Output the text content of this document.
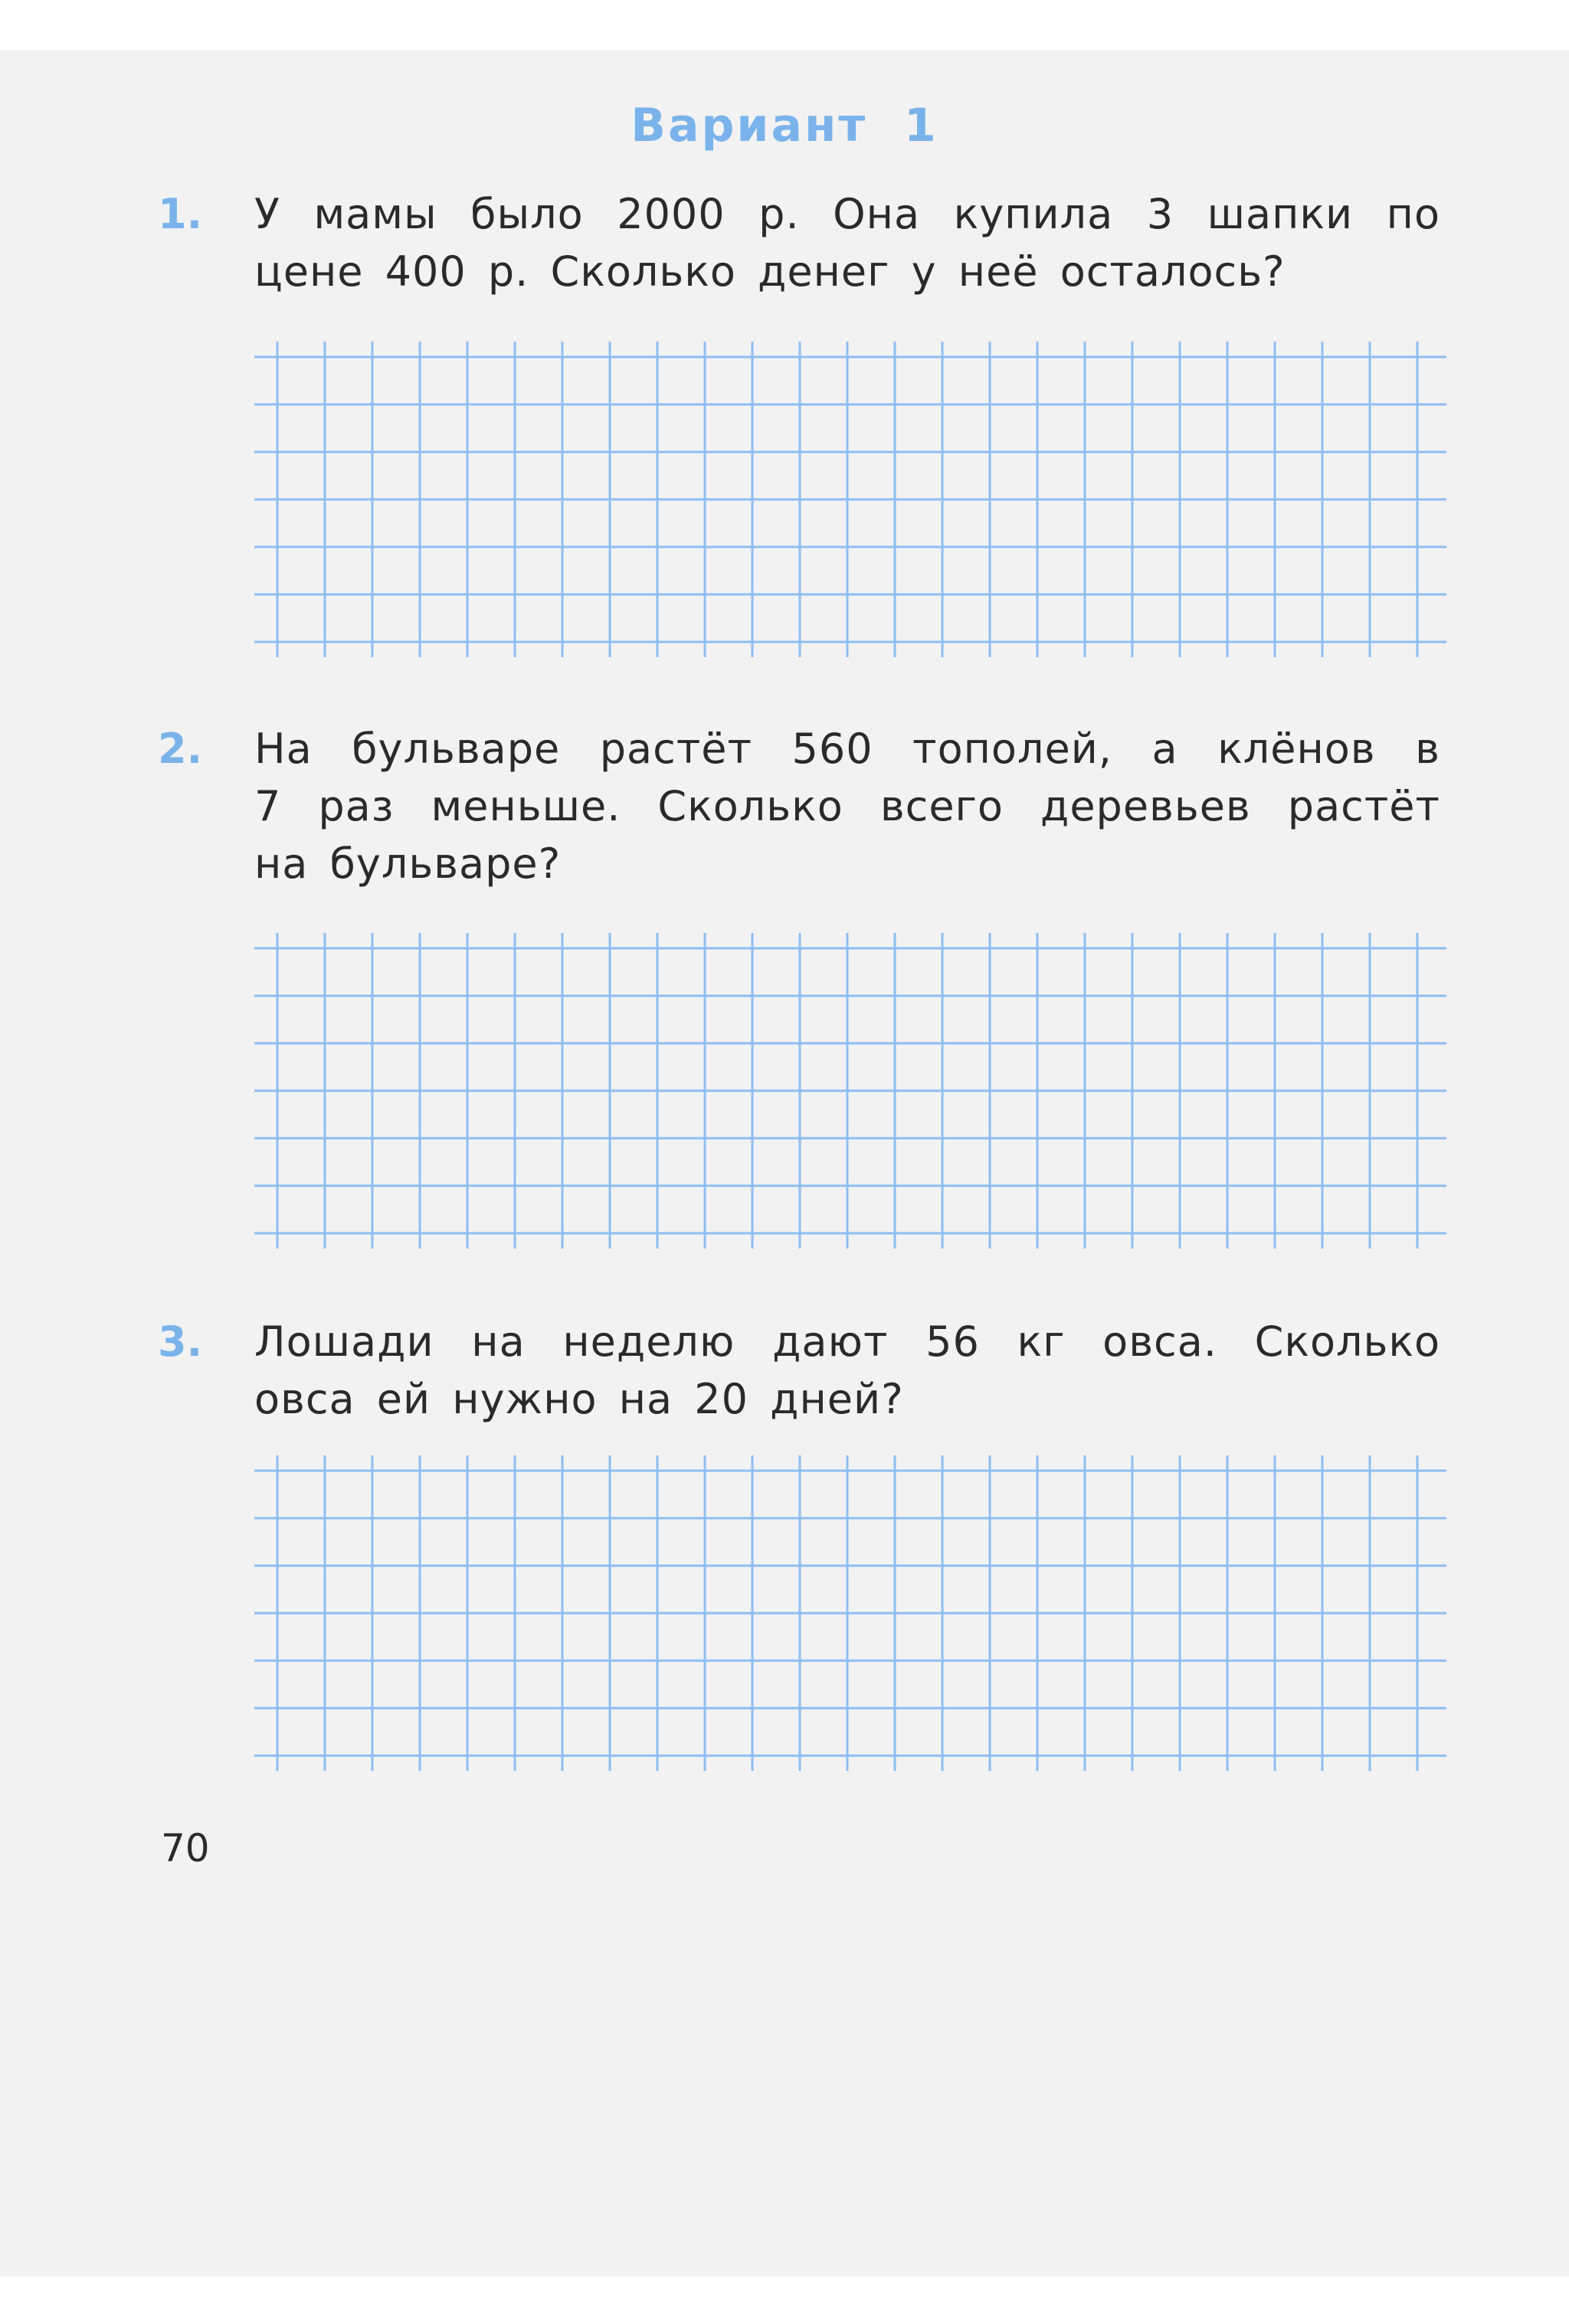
Вариант  1
1. У мамы было 2000 р. Она купила 3 шапки по
цене 400 р. Сколько денег у неё осталось?
2. На бульваре растёт 560 тополей, а клёнов в
7 раз меньше. Сколько всего деревьев растёт
на бульваре?
3. Лошади на неделю дают 56 кг овса. Сколько
овса ей нужно на 20 дней?
70
